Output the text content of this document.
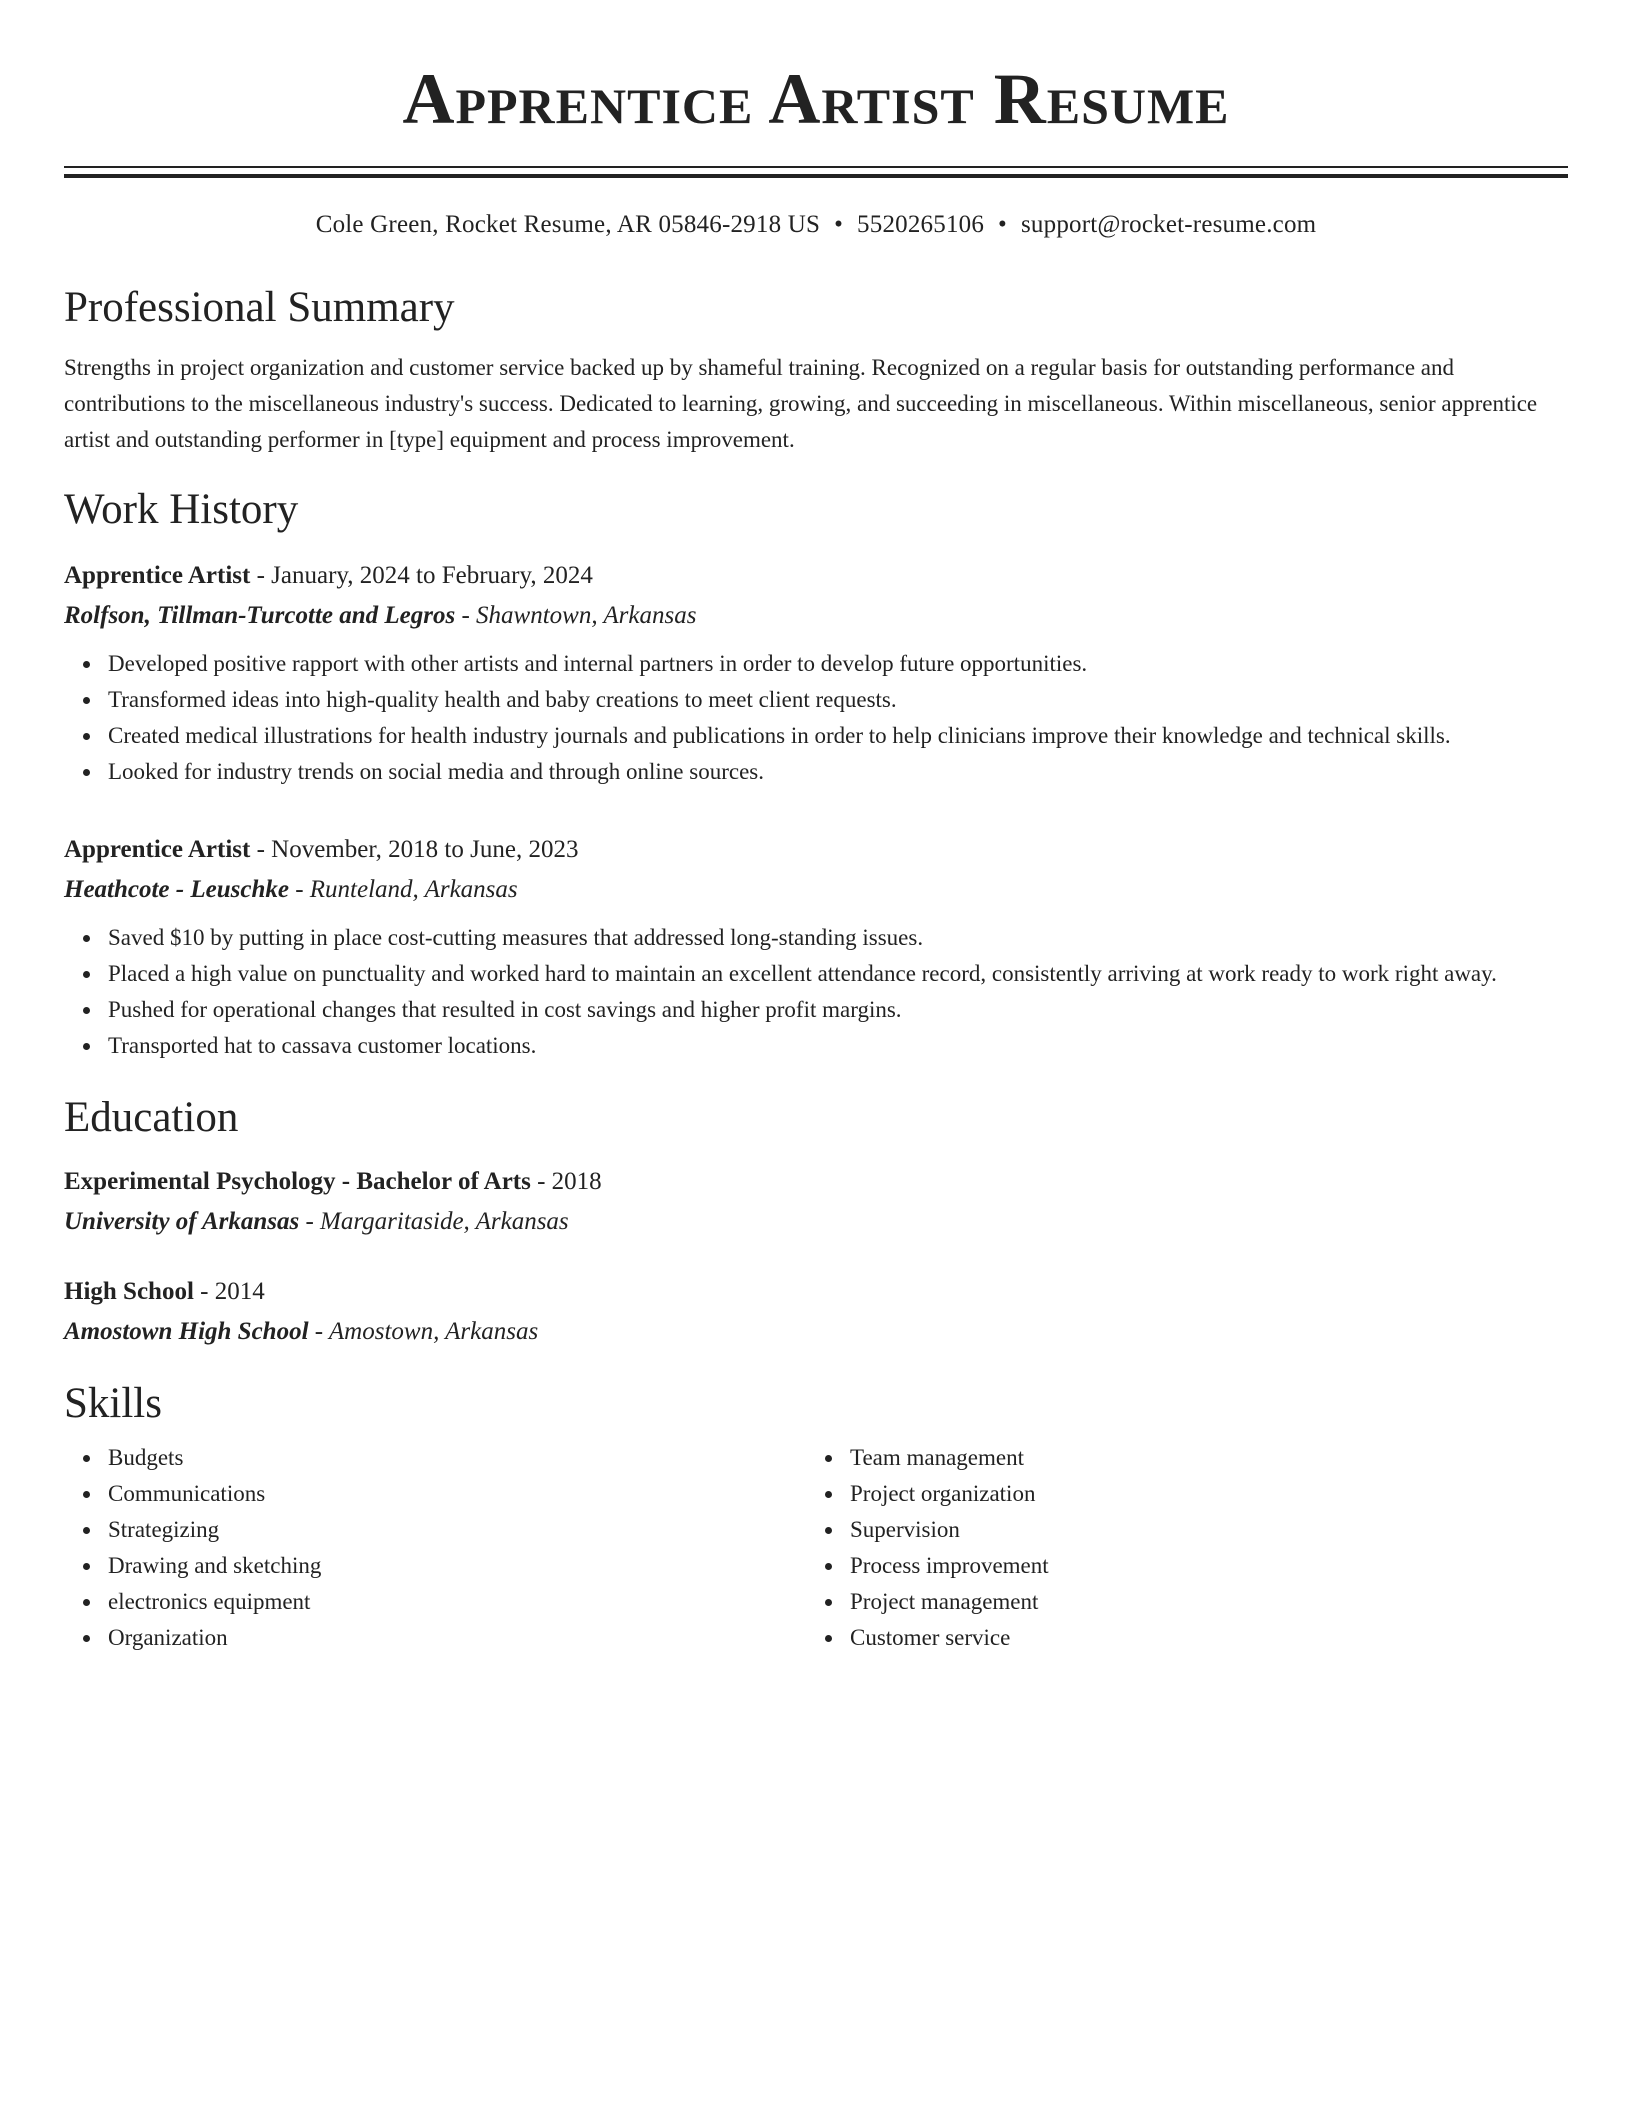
Apprentice Artist Resume
Cole Green, Rocket Resume, AR 05846-2918 US • 5520265106 • support@rocket-resume.com
Professional Summary
Strengths in project organization and customer service backed up by shameful training. Recognized on a regular basis for outstanding performance and contributions to the miscellaneous industry's success. Dedicated to learning, growing, and succeeding in miscellaneous. Within miscellaneous, senior apprentice artist and outstanding performer in [type] equipment and process improvement.
Work History
Apprentice Artist - January, 2024 to February, 2024
Rolfson, Tillman-Turcotte and Legros - Shawntown, Arkansas
Developed positive rapport with other artists and internal partners in order to develop future opportunities.
Transformed ideas into high-quality health and baby creations to meet client requests.
Created medical illustrations for health industry journals and publications in order to help clinicians improve their knowledge and technical skills.
Looked for industry trends on social media and through online sources.
Apprentice Artist - November, 2018 to June, 2023
Heathcote - Leuschke - Runteland, Arkansas
Saved $10 by putting in place cost-cutting measures that addressed long-standing issues.
Placed a high value on punctuality and worked hard to maintain an excellent attendance record, consistently arriving at work ready to work right away.
Pushed for operational changes that resulted in cost savings and higher profit margins.
Transported hat to cassava customer locations.
Education
Experimental Psychology - Bachelor of Arts - 2018
University of Arkansas - Margaritaside, Arkansas
High School - 2014
Amostown High School - Amostown, Arkansas
Skills
Budgets
Communications
Strategizing
Drawing and sketching
electronics equipment
Organization
Team management
Project organization
Supervision
Process improvement
Project management
Customer service
